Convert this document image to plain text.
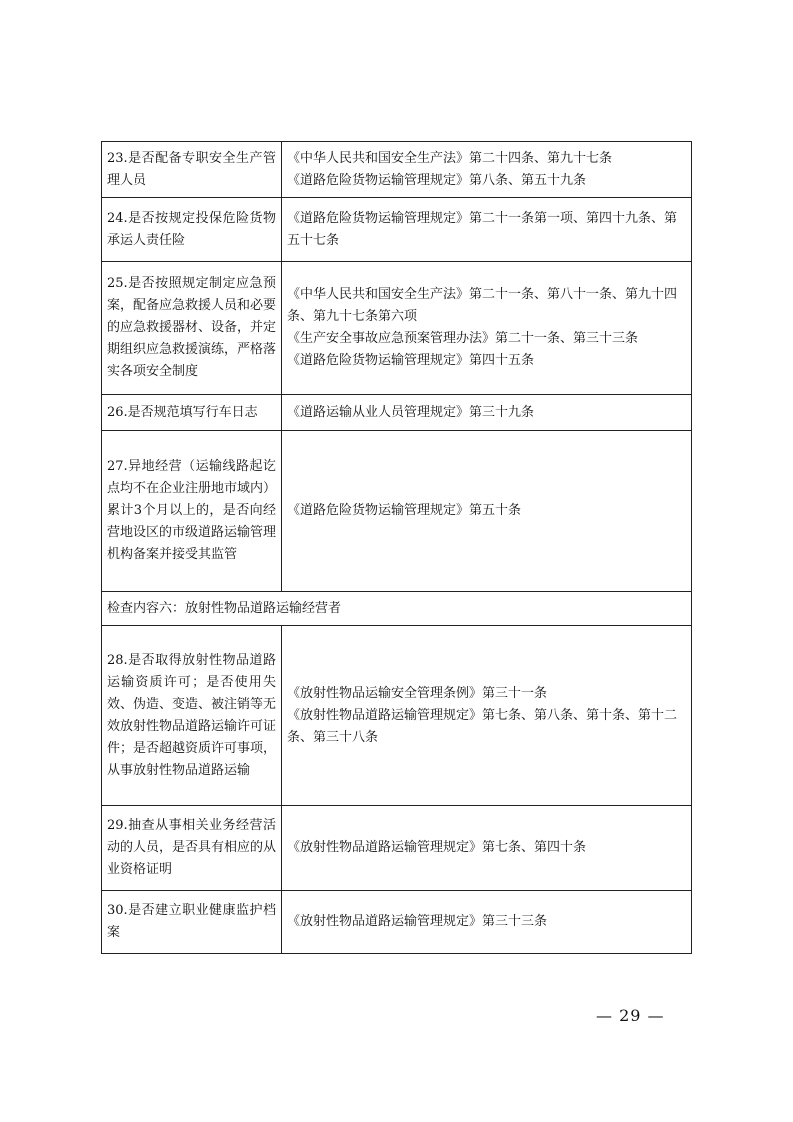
23.是否配备专职安全生产管理人员	《中华人民共和国安全生产法》第二十四条、第九十七条
《道路危险货物运输管理规定》第八条、第五十九条

24.是否按规定投保危险货物承运人责任险	《道路危险货物运输管理规定》第二十一条第一项、第四十九条、第五十七条

25.是否按照规定制定应急预案，配备应急救援人员和必要的应急救援器材、设备，并定期组织应急救援演练，严格落实各项安全制度	《中华人民共和国安全生产法》第二十一条、第八十一条、第九十四条、第九十七条第六项
《生产安全事故应急预案管理办法》第二十一条、第三十三条
《道路危险货物运输管理规定》第四十五条

26.是否规范填写行车日志	《道路运输从业人员管理规定》第三十九条

27.异地经营（运输线路起讫点均不在企业注册地市域内）累计3个月以上的，是否向经营地设区的市级道路运输管理机构备案并接受其监管	《道路危险货物运输管理规定》第五十条

检查内容六：放射性物品道路运输经营者	
28.是否取得放射性物品道路运输资质许可；是否使用失效、伪造、变造、被注销等无效放射性物品道路运输许可证件；是否超越资质许可事项，从事放射性物品道路运输	《放射性物品运输安全管理条例》第三十一条
《放射性物品道路运输管理规定》第七条、第八条、第十条、第十二条、第三十八条

29.抽查从事相关业务经营活动的人员，是否具有相应的从业资格证明	《放射性物品道路运输管理规定》第七条、第四十条

30.是否建立职业健康监护档案	《放射性物品道路运输管理规定》第三十三条
— 29 —
